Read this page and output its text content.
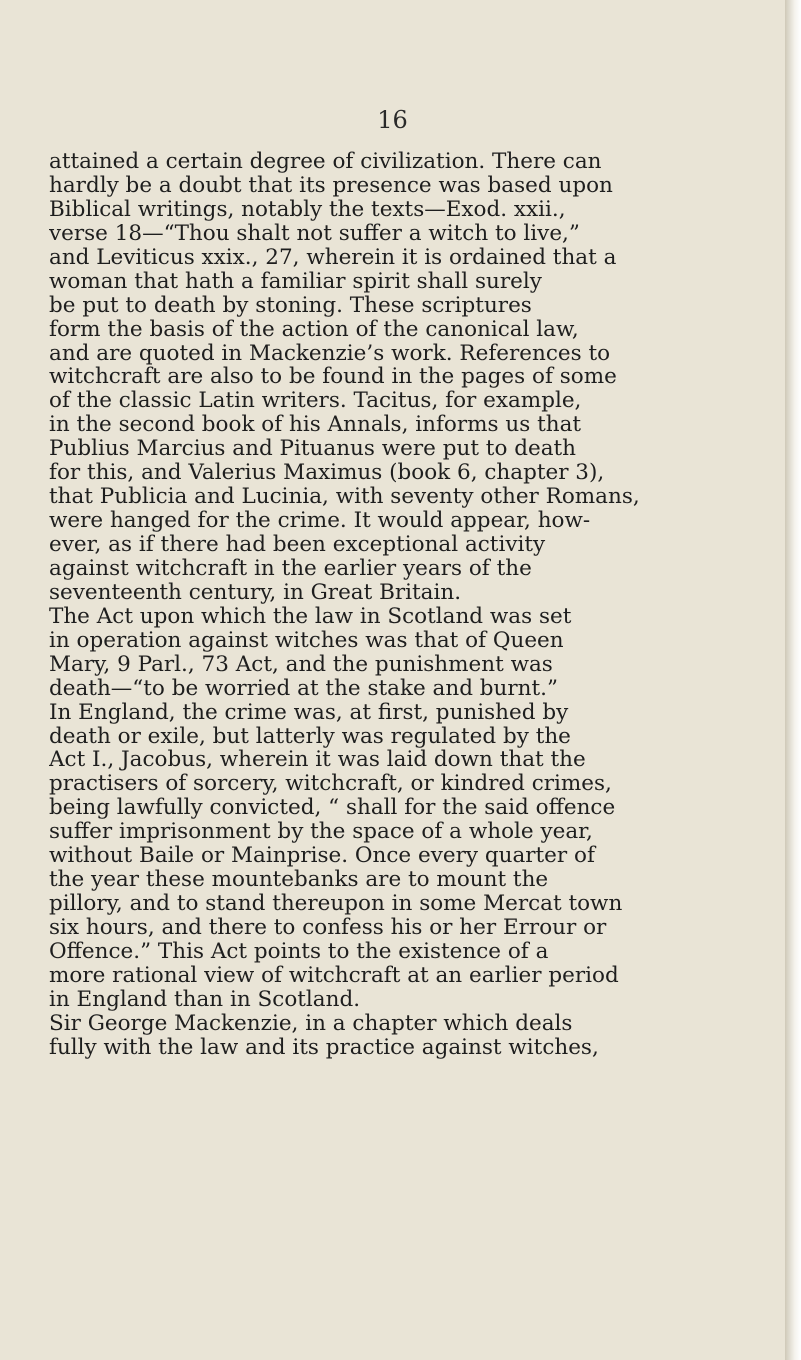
16
attained a certain degree of civilization. There can
hardly be a doubt that its presence was based upon
Biblical writings, notably the texts—Exod. xxii.,
verse 18—“Thou shalt not suffer a witch to live,”
and Leviticus xxix., 27, wherein it is ordained that a
woman that hath a familiar spirit shall surely
be put to death by stoning. These scriptures
form the basis of the action of the canonical law,
and are quoted in Mackenzie’s work. References to
witchcraft are also to be found in the pages of some
of the classic Latin writers. Tacitus, for example,
in the second book of his Annals, informs us that
Publius Marcius and Pituanus were put to death
for this, and Valerius Maximus (book 6, chapter 3),
that Publicia and Lucinia, with seventy other Romans,
were hanged for the crime. It would appear, how-
ever, as if there had been exceptional activity
against witchcraft in the earlier years of the
seventeenth century, in Great Britain.
The Act upon which the law in Scotland was set
in operation against witches was that of Queen
Mary, 9 Parl., 73 Act, and the punishment was
death—“to be worried at the stake and burnt.”
In England, the crime was, at first, punished by
death or exile, but latterly was regulated by the
Act I., Jacobus, wherein it was laid down that the
practisers of sorcery, witchcraft, or kindred crimes,
being lawfully convicted, “ shall for the said offence
suffer imprisonment by the space of a whole year,
without Baile or Mainprise. Once every quarter of
the year these mountebanks are to mount the
pillory, and to stand thereupon in some Mercat town
six hours, and there to confess his or her Errour or
Offence.” This Act points to the existence of a
more rational view of witchcraft at an earlier period
in England than in Scotland.
Sir George Mackenzie, in a chapter which deals
fully with the law and its practice against witches,
